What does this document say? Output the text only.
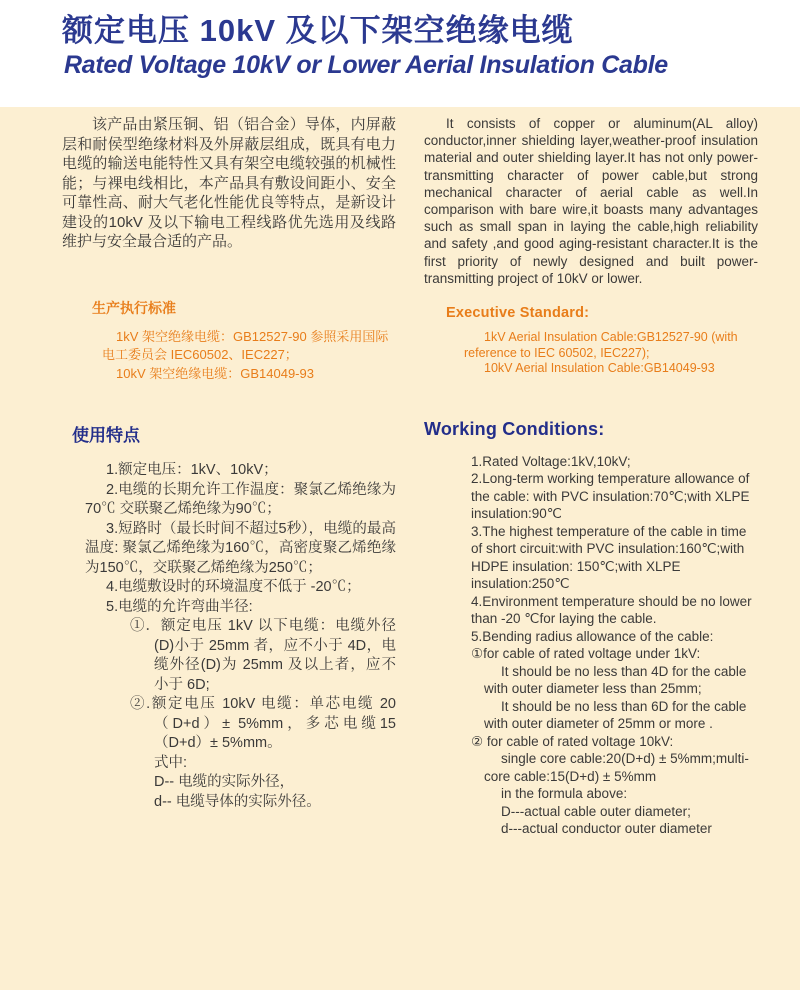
额定电压 10kV 及以下架空绝缘电缆
Rated Voltage 10kV or Lower Aerial Insulation Cable

该产品由紧压铜、铝（铝合金）导体，内屏蔽层和耐侯型绝缘材料及外屏蔽层组成，既具有电力电缆的输送电能特性又具有架空电缆较强的机械性能；与裸电线相比，本产品具有敷设间距小、安全可靠性高、耐大气老化性能优良等特点，是新设计建设的10kV 及以下输电工程线路优先选用及线路维护与安全最合适的产品。

生产执行标准

1kV 架空绝缘电缆：GB12527-90 参照采用国际电工委员会 IEC60502、IEC227；

10kV 架空绝缘电缆：GB14049-93

使用特点

1.额定电压：1kV、10kV；

2.电缆的长期允许工作温度：聚氯乙烯绝缘为70℃ 交联聚乙烯绝缘为90℃；

3.短路时（最长时间不超过5秒），电缆的最高温度: 聚氯乙烯绝缘为160℃，高密度聚乙烯绝缘为150℃，交联聚乙烯绝缘为250℃；

4.电缆敷设时的环境温度不低于 -20℃；

5.电缆的允许弯曲半径:

①．额定电压 1kV 以下电缆：电缆外径(D)小于 25mm 者，应不小于 4D，电缆外径(D)为 25mm 及以上者，应不小于 6D;

②.额定电压 10kV 电缆：单芯电缆 20（D+d）± 5%mm，多芯电缆15（D+d）± 5%mm。

式中:

D-- 电缆的实际外径，

d-- 电缆导体的实际外径。

It consists of copper or aluminum(AL alloy) conductor,inner shielding layer,weather-proof insulation material and outer shielding layer.It has not only power-transmitting character of power cable,but strong mechanical character of aerial cable as well.In comparison with bare wire,it boasts many advantages such as small span in laying the cable,high reliability and safety ,and good aging-resistant character.It is the first priority of newly designed and built power-transmitting project of 10kV or lower.

Executive Standard:

1kV Aerial Insulation Cable:GB12527-90 (with reference to IEC 60502, IEC227);

10kV Aerial Insulation Cable:GB14049-93

Working Conditions:

1.Rated Voltage:1kV,10kV;

2.Long-term working temperature allowance of the cable: with PVC insulation:70℃;with XLPE insulation:90℃

3.The highest temperature of the cable in time of short circuit:with PVC insulation:160℃;with HDPE insulation: 150℃;with XLPE insulation:250℃

4.Environment temperature should be no lower than -20 ℃for laying the cable.

5.Bending radius allowance of the cable:

①for cable of rated voltage under 1kV:

It should be no less than 4D for the cable with outer diameter less than 25mm;

It should be no less than 6D for the cable with outer diameter of 25mm or more .

② for cable of rated voltage 10kV:

single core cable:20(D+d) ± 5%mm;multi-core cable:15(D+d) ± 5%mm

in the formula above:

D---actual cable outer diameter;

d---actual conductor outer diameter
